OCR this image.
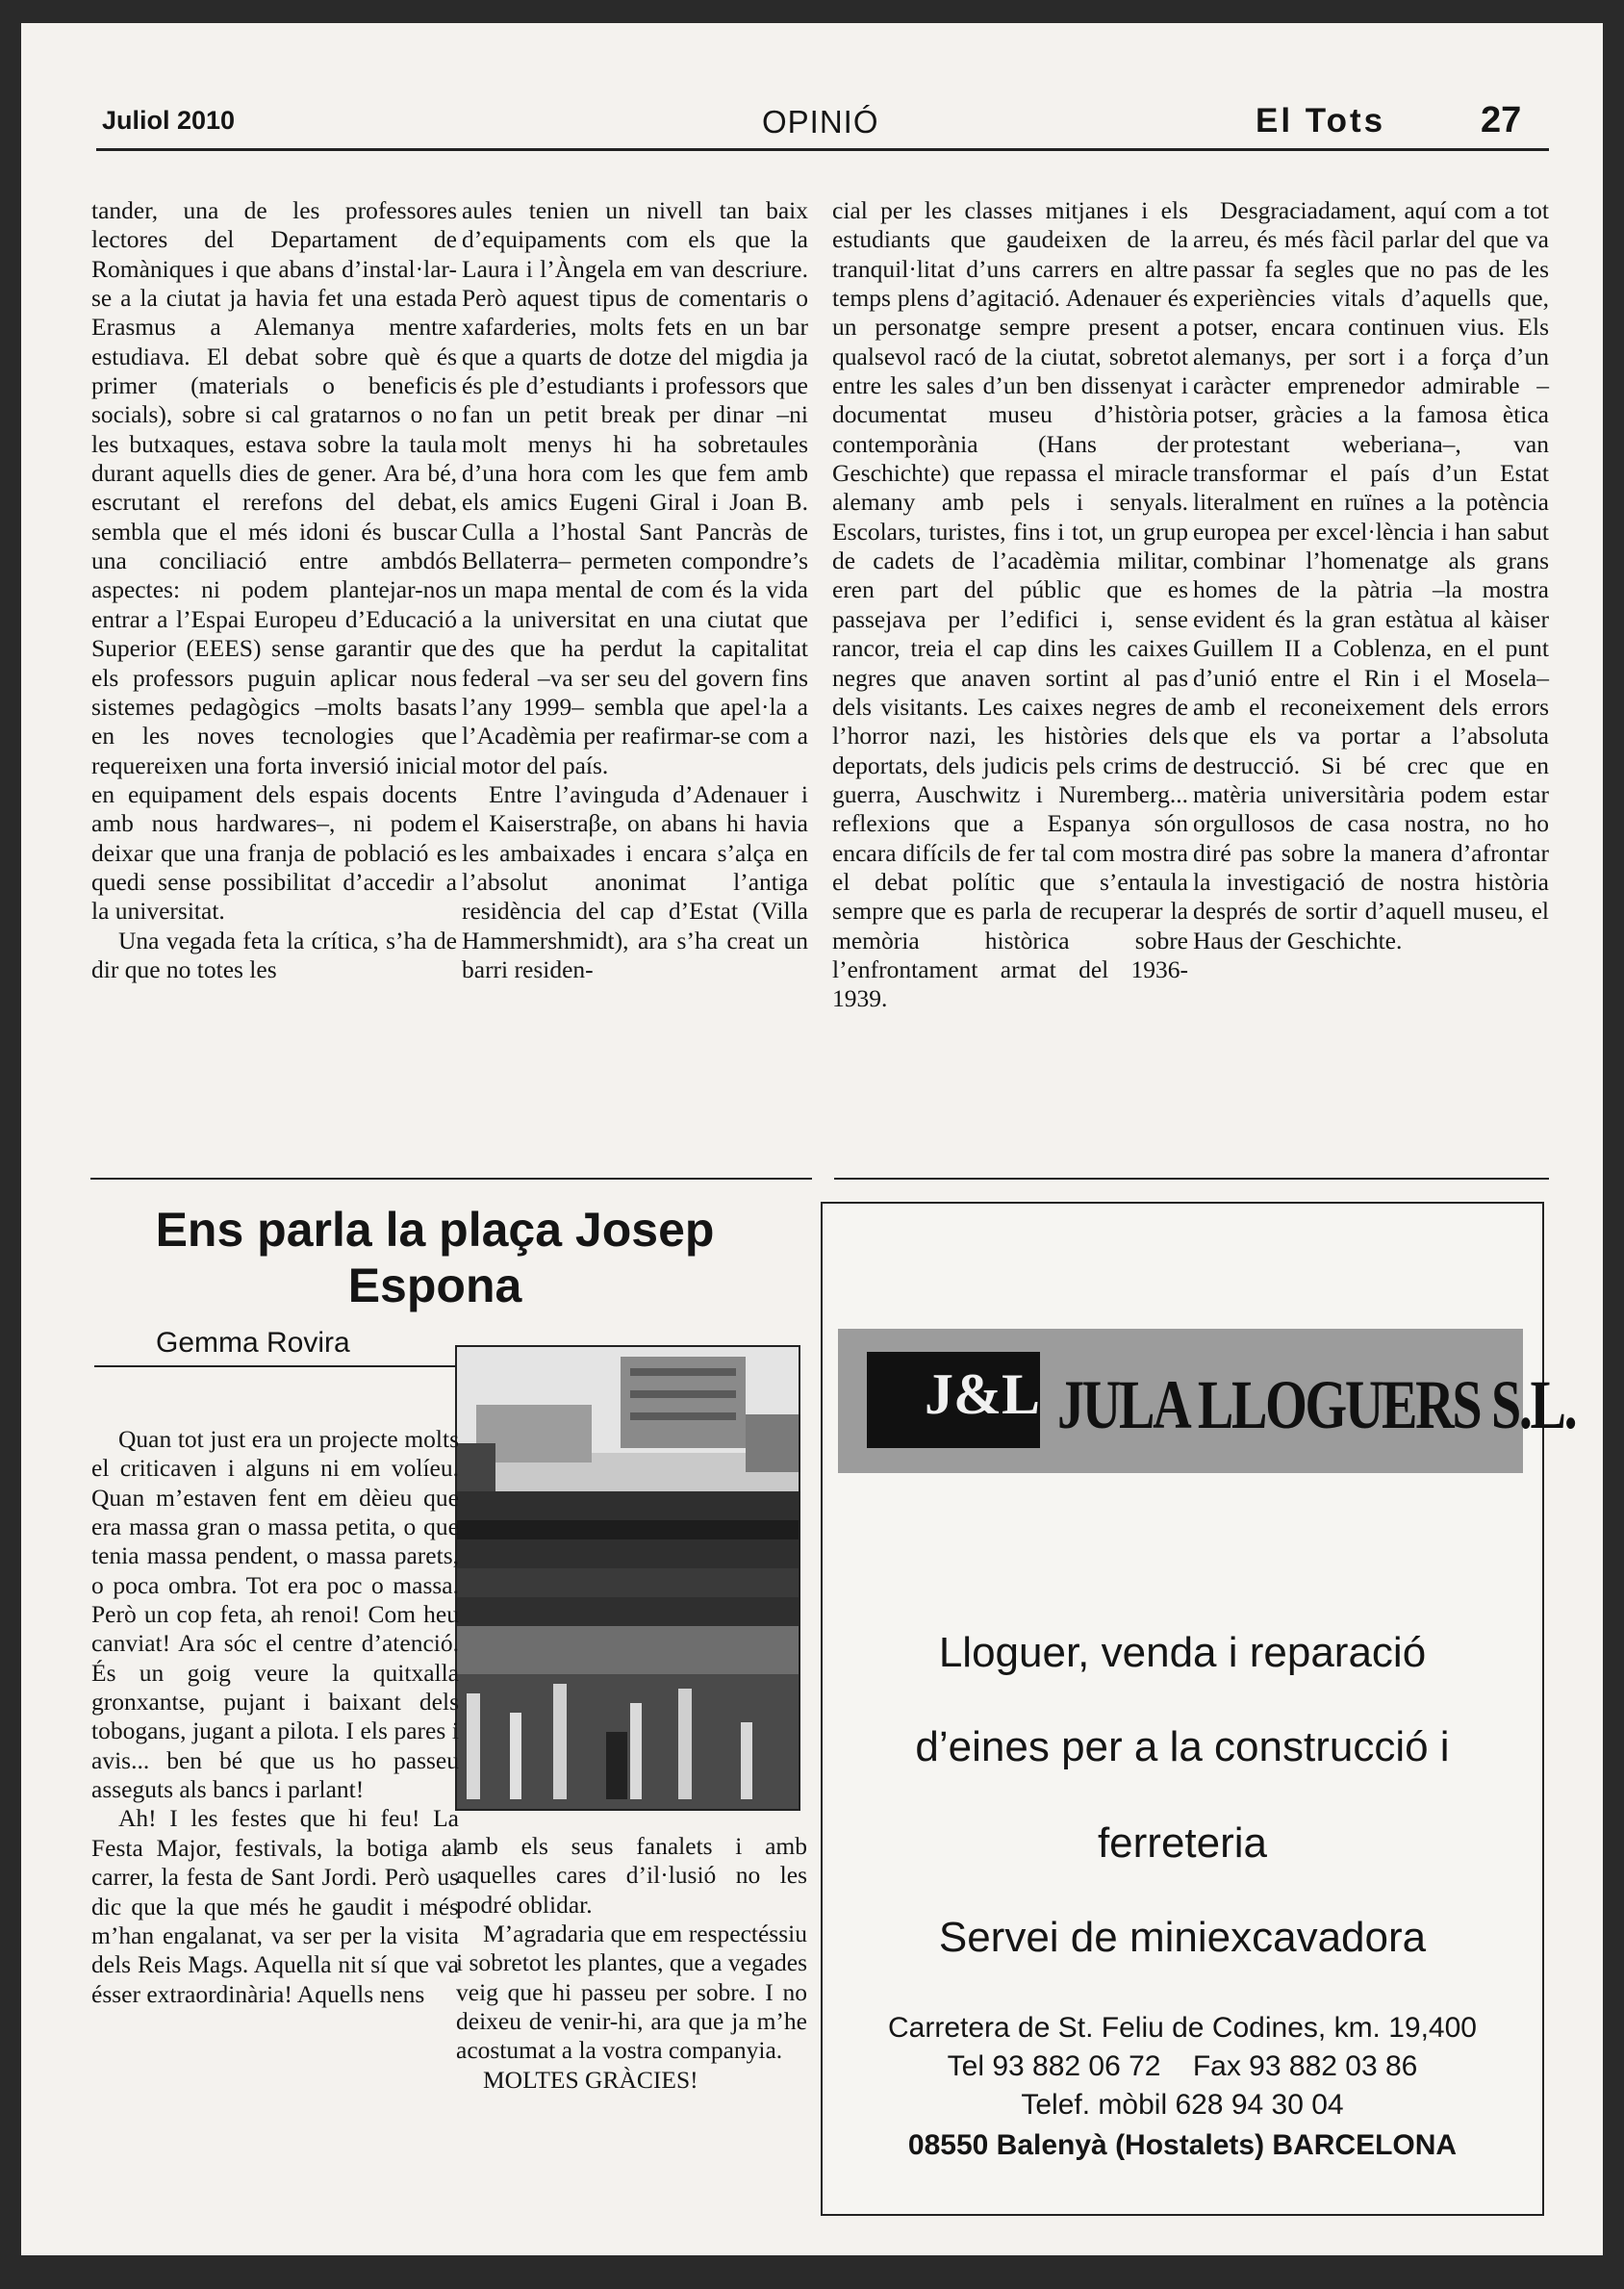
Juliol 2010	OPINIÓ	El Tots	27

tander, una de les professores lectores del Departament de Romàniques i que abans d’instal·lar-se a la ciutat ja havia fet una estada Erasmus a Alemanya mentre estudiava. El debat sobre què és primer (materials o beneficis socials), sobre si cal gratarnos o no les butxaques, estava sobre la taula durant aquells dies de gener. Ara bé, escrutant el rerefons del debat, sembla que el més idoni és buscar una conciliació entre ambdós aspectes: ni podem plantejar-nos entrar a l’Espai Europeu d’Educació Superior (EEES) sense garantir que els professors puguin aplicar nous sistemes pedagògics –molts basats en les noves tecnologies que requereixen una forta inversió inicial en equipament dels espais docents amb nous hardwares–, ni podem deixar que una franja de població es quedi sense possibilitat d’accedir a la universitat.

Una vegada feta la crítica, s’ha de dir que no totes les

aules tenien un nivell tan baix d’equipaments com els que la Laura i l’Àngela em van descriure. Però aquest tipus de comentaris o xafarderies, molts fets en un bar que a quarts de dotze del migdia ja és ple d’estudiants i professors que fan un petit break per dinar –ni molt menys hi ha sobretaules d’una hora com les que fem amb els amics Eugeni Giral i Joan B. Culla a l’hostal Sant Pancràs de Bellaterra– permeten compondre’s un mapa mental de com és la vida a la universitat en una ciutat que des que ha perdut la capitalitat federal –va ser seu del govern fins l’any 1999– sembla que apel·la a l’Acadèmia per reafirmar-se com a motor del país.

Entre l’avinguda d’Adenauer i el Kaiserstraβe, on abans hi havia les ambaixades i encara s’alça en l’absolut anonimat l’antiga residència del cap d’Estat (Villa Hammershmidt), ara s’ha creat un barri residen-

cial per les classes mitjanes i els estudiants que gaudeixen de la tranquil·litat d’uns carrers en altre temps plens d’agitació. Adenauer és un personatge sempre present a qualsevol racó de la ciutat, sobretot entre les sales d’un ben dissenyat i documentat museu d’història contemporània (Hans der Geschichte) que repassa el miracle alemany amb pels i senyals. Escolars, turistes, fins i tot, un grup de cadets de l’acadèmia militar, eren part del públic que es passejava per l’edifici i, sense rancor, treia el cap dins les caixes negres que anaven sortint al pas dels visitants. Les caixes negres de l’horror nazi, les històries dels deportats, dels judicis pels crims de guerra, Auschwitz i Nuremberg... reflexions que a Espanya són encara difícils de fer tal com mostra el debat polític que s’entaula sempre que es parla de recuperar la memòria històrica sobre l’enfrontament armat del 1936-1939.

Desgraciadament, aquí com a tot arreu, és més fàcil parlar del que va passar fa segles que no pas de les experiències vitals d’aquells que, potser, encara continuen vius. Els alemanys, per sort i a força d’un caràcter emprenedor admirable –potser, gràcies a la famosa ètica protestant weberiana–, van transformar el país d’un Estat literalment en ruïnes a la potència europea per excel·lència i han sabut combinar l’homenatge als grans homes de la pàtria –la mostra evident és la gran estàtua al kàiser Guillem II a Coblenza, en el punt d’unió entre el Rin i el Mosela– amb el reconeixement dels errors que els va portar a l’absoluta destrucció. Si bé crec que en matèria universitària podem estar orgullosos de casa nostra, no ho diré pas sobre la manera d’afrontar la investigació de nostra història després de sortir d’aquell museu, el Haus der Geschichte.

Ens parla la plaça Josep Espona
Gemma Rovira

Quan tot just era un projecte molts el criticaven i alguns ni em volíeu. Quan m’estaven fent em dèieu que era massa gran o massa petita, o que tenia massa pendent, o massa parets, o poca ombra. Tot era poc o massa. Però un cop feta, ah renoi! Com heu canviat! Ara sóc el centre d’atenció. És un goig veure la quitxalla gronxantse, pujant i baixant dels tobogans, jugant a pilota. I els pares i avis... ben bé que us ho passeu asseguts als bancs i parlant!

Ah! I les festes que hi feu! La Festa Major, festivals, la botiga al carrer, la festa de Sant Jordi. Però us dic que la que més he gaudit i més m’han engalanat, va ser per la visita dels Reis Mags. Aquella nit sí que va ésser extraordinària! Aquells nens

amb els seus fanalets i amb aquelles cares d’il·lusió no les podré oblidar.

M’agradaria que em respectéssiu i sobretot les plantes, que a vegades veig que hi passeu per sobre. I no deixeu de venir-hi, ara que ja m’he acostumat a la vostra companyia.

MOLTES GRÀCIES!

J&L JULA LLOGUERS S.L.
Lloguer, venda i reparació
d’eines per a la construcció i
ferreteria
Servei de miniexcavadora
Carretera de St. Feliu de Codines, km. 19,400
Tel 93 882 06 72    Fax 93 882 03 86
Telef. mòbil 628 94 30 04
08550 Balenyà (Hostalets) BARCELONA
